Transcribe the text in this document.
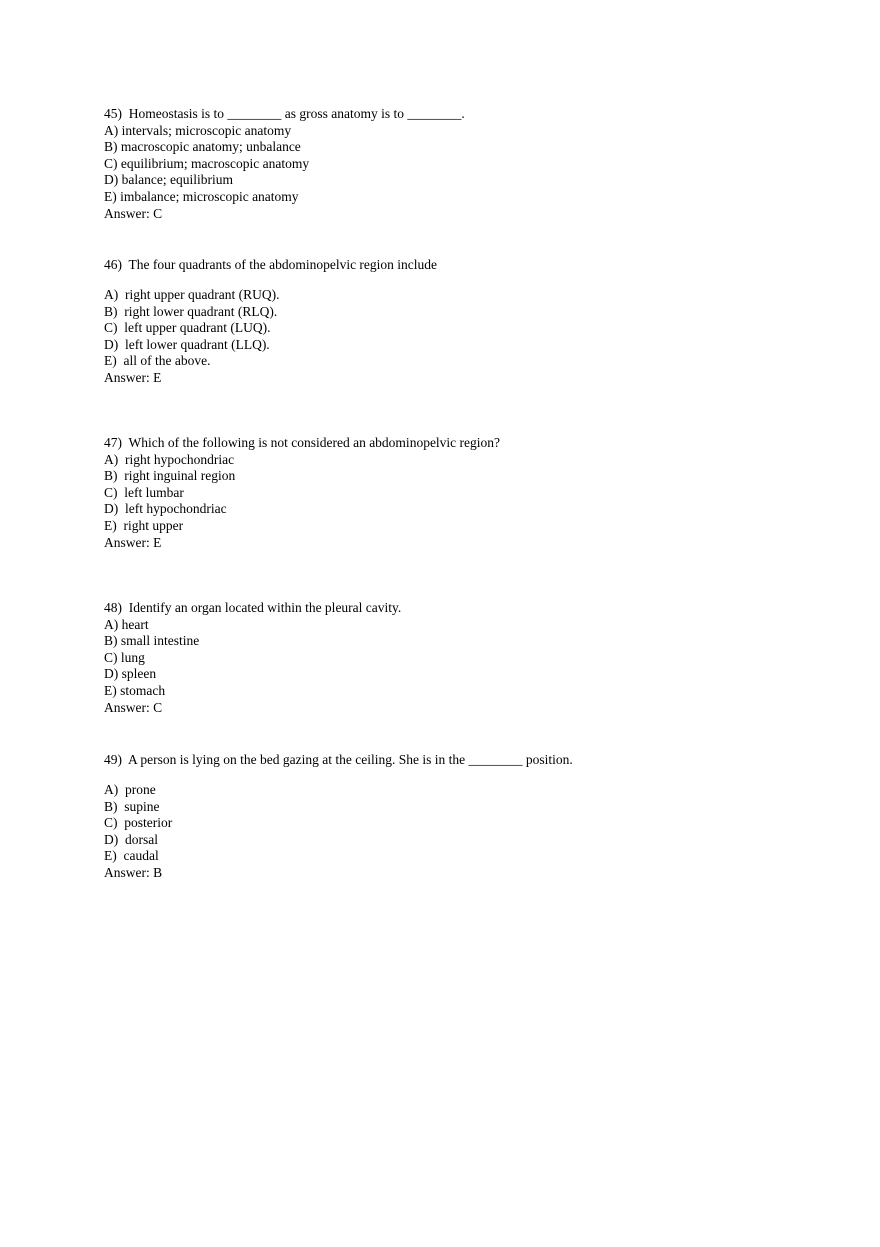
45)  Homeostasis is to ________ as gross anatomy is to ________.
A) intervals; microscopic anatomy
B) macroscopic anatomy; unbalance
C) equilibrium; macroscopic anatomy
D) balance; equilibrium
E) imbalance; microscopic anatomy
Answer: C
46)  The four quadrants of the abdominopelvic region include
A)  right upper quadrant (RUQ).
B)  right lower quadrant (RLQ).
C)  left upper quadrant (LUQ).
D)  left lower quadrant (LLQ).
E)  all of the above.
Answer: E
47)  Which of the following is not considered an abdominopelvic region?
A)  right hypochondriac
B)  right inguinal region
C)  left lumbar
D)  left hypochondriac
E)  right upper
Answer: E
48)  Identify an organ located within the pleural cavity.
A) heart
B) small intestine
C) lung
D) spleen
E) stomach
Answer: C
49)  A person is lying on the bed gazing at the ceiling. She is in the ________ position.
A)  prone
B)  supine
C)  posterior
D)  dorsal
E)  caudal
Answer: B
